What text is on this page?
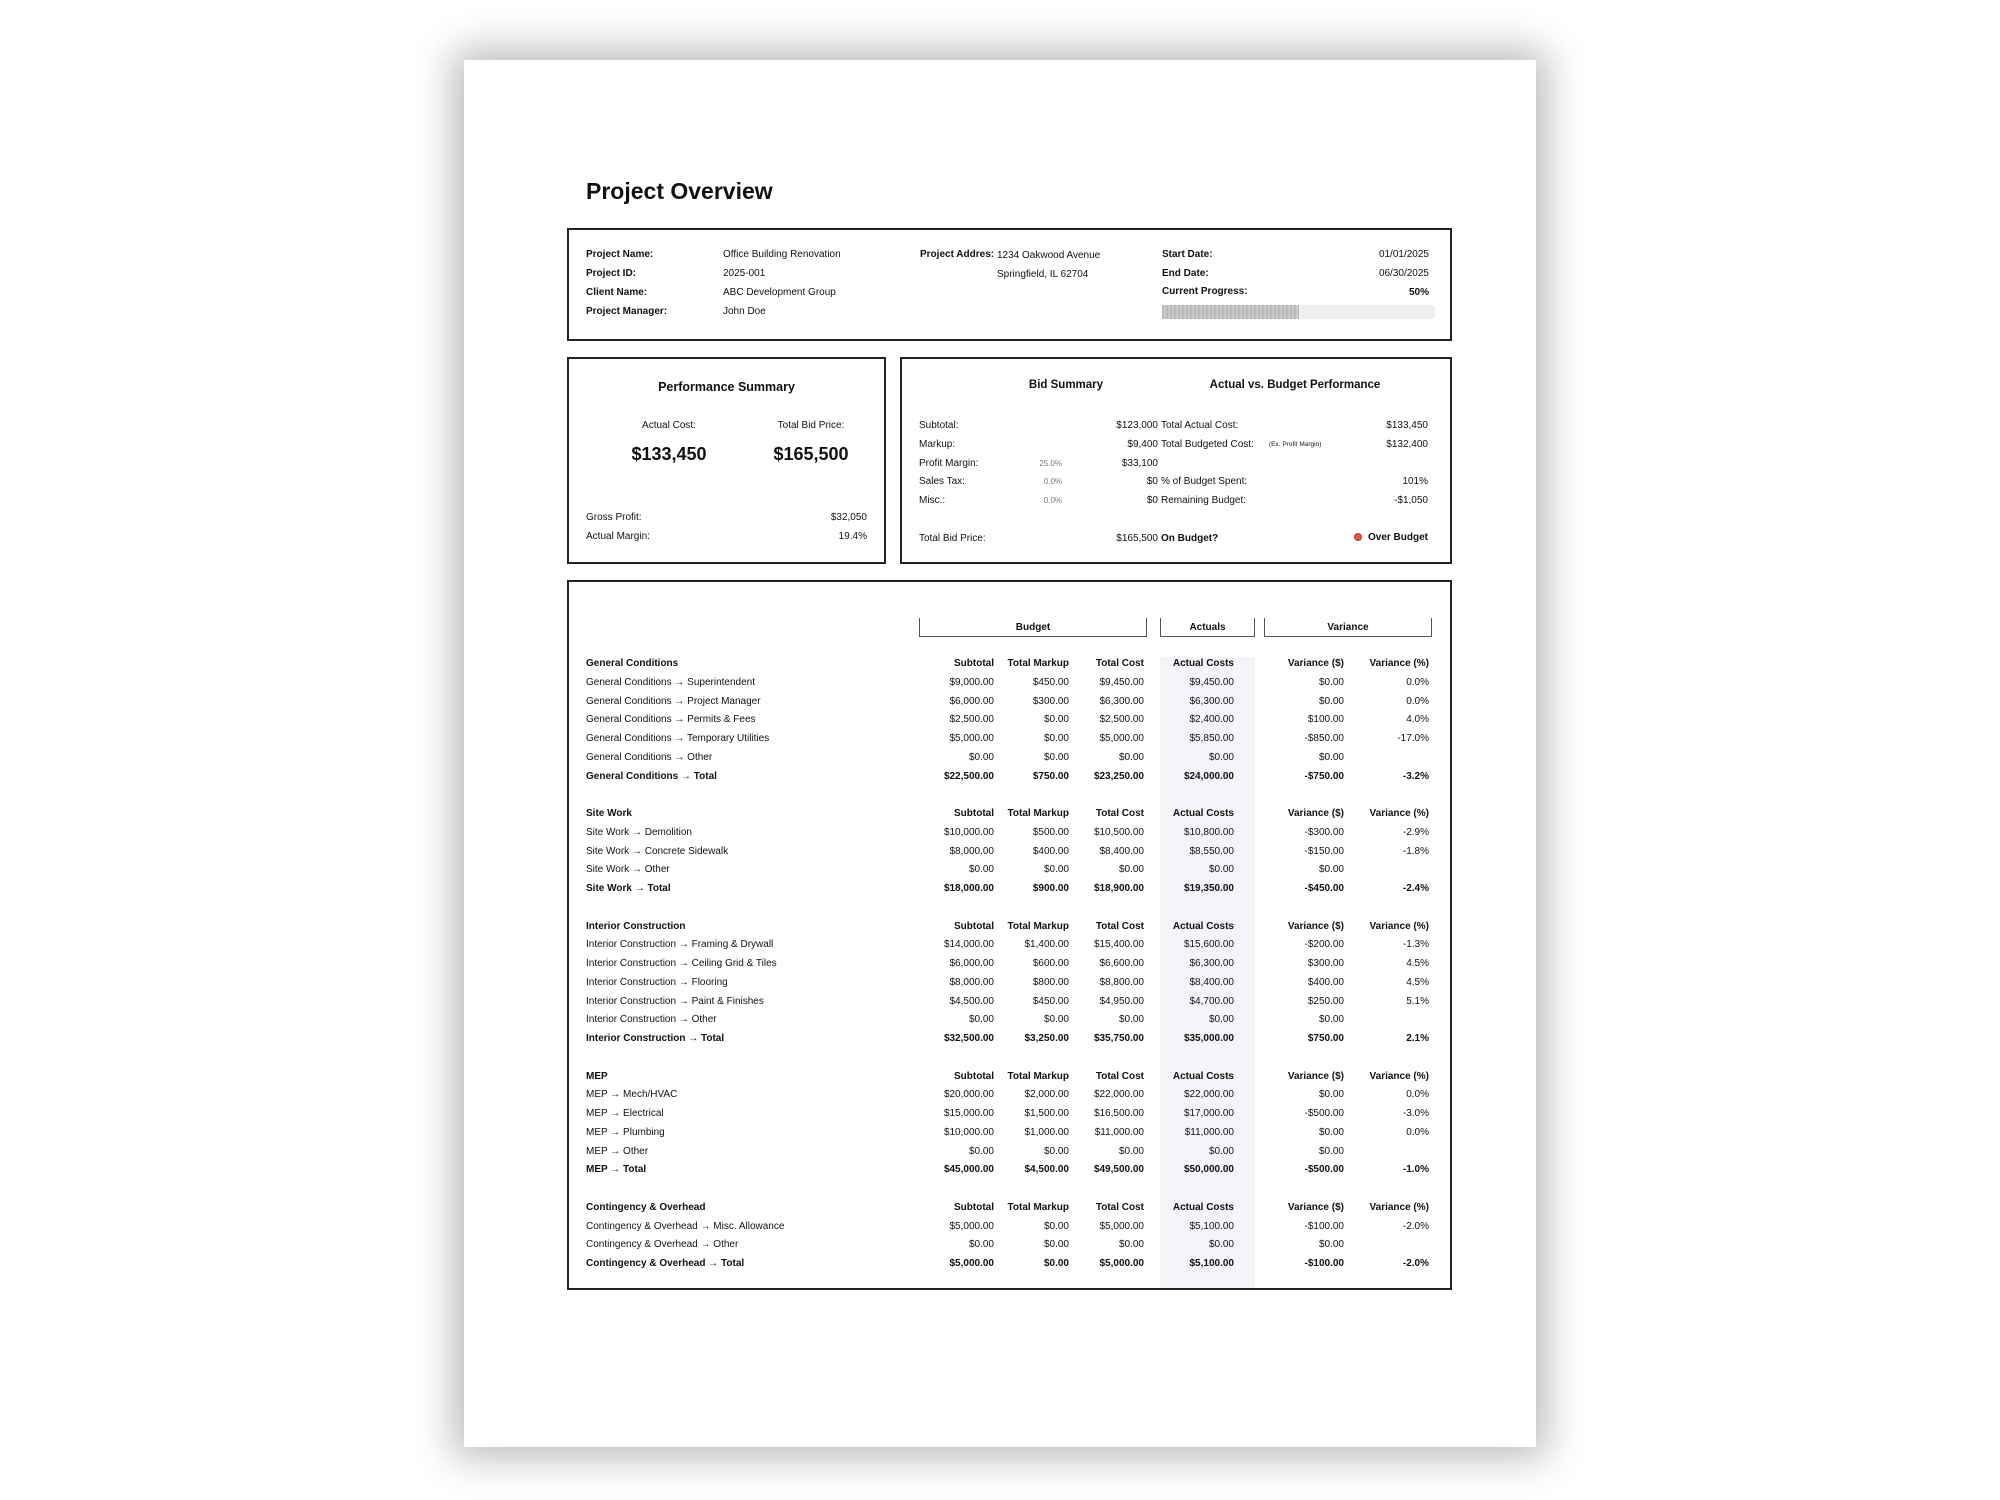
Project Overview
Project Name:	Office Building Renovation
Project ID:	2025-001
Client Name:	ABC Development Group
Project Manager:	John Doe
Project Addres: 1234 Oakwood Avenue
Springfield, IL 62704
Start Date:	01/01/2025
End Date:	06/30/2025
Current Progress:	50%
Performance Summary
Actual Cost:	Total Bid Price:
$133,450	$165,500
Gross Profit:	$32,050
Actual Margin:	19.4%
Bid Summary
Subtotal:	$123,000
Markup:	$9,400
Profit Margin:	25.0%	$33,100
Sales Tax:	0.0%	$0
Misc.:	0.0%	$0
Total Bid Price:	$165,500
Actual vs. Budget Performance
Total Actual Cost:	$133,450
Total Budgeted Cost: (Ex. Profit Margin)	$132,400
% of Budget Spent:	101%
Remaining Budget:	-$1,050
On Budget?	Over Budget
Budget	Actuals	Variance
General Conditions	Subtotal	Total Markup	Total Cost	Actual Costs	Variance ($)	Variance (%)
General Conditions → Superintendent	$9,000.00	$450.00	$9,450.00	$9,450.00	$0.00	0.0%
General Conditions → Project Manager	$6,000.00	$300.00	$6,300.00	$6,300.00	$0.00	0.0%
General Conditions → Permits & Fees	$2,500.00	$0.00	$2,500.00	$2,400.00	$100.00	4.0%
General Conditions → Temporary Utilities	$5,000.00	$0.00	$5,000.00	$5,850.00	-$850.00	-17.0%
General Conditions → Other	$0.00	$0.00	$0.00	$0.00	$0.00
General Conditions → Total	$22,500.00	$750.00	$23,250.00	$24,000.00	-$750.00	-3.2%
Site Work	Subtotal	Total Markup	Total Cost	Actual Costs	Variance ($)	Variance (%)
Site Work → Demolition	$10,000.00	$500.00	$10,500.00	$10,800.00	-$300.00	-2.9%
Site Work → Concrete Sidewalk	$8,000.00	$400.00	$8,400.00	$8,550.00	-$150.00	-1.8%
Site Work → Other	$0.00	$0.00	$0.00	$0.00	$0.00
Site Work → Total	$18,000.00	$900.00	$18,900.00	$19,350.00	-$450.00	-2.4%
Interior Construction	Subtotal	Total Markup	Total Cost	Actual Costs	Variance ($)	Variance (%)
Interior Construction → Framing & Drywall	$14,000.00	$1,400.00	$15,400.00	$15,600.00	-$200.00	-1.3%
Interior Construction → Ceiling Grid & Tiles	$6,000.00	$600.00	$6,600.00	$6,300.00	$300.00	4.5%
Interior Construction → Flooring	$8,000.00	$800.00	$8,800.00	$8,400.00	$400.00	4.5%
Interior Construction → Paint & Finishes	$4,500.00	$450.00	$4,950.00	$4,700.00	$250.00	5.1%
Interior Construction → Other	$0.00	$0.00	$0.00	$0.00	$0.00
Interior Construction → Total	$32,500.00	$3,250.00	$35,750.00	$35,000.00	$750.00	2.1%
MEP	Subtotal	Total Markup	Total Cost	Actual Costs	Variance ($)	Variance (%)
MEP → Mech/HVAC	$20,000.00	$2,000.00	$22,000.00	$22,000.00	$0.00	0.0%
MEP → Electrical	$15,000.00	$1,500.00	$16,500.00	$17,000.00	-$500.00	-3.0%
MEP → Plumbing	$10,000.00	$1,000.00	$11,000.00	$11,000.00	$0.00	0.0%
MEP → Other	$0.00	$0.00	$0.00	$0.00	$0.00
MEP → Total	$45,000.00	$4,500.00	$49,500.00	$50,000.00	-$500.00	-1.0%
Contingency & Overhead	Subtotal	Total Markup	Total Cost	Actual Costs	Variance ($)	Variance (%)
Contingency & Overhead → Misc. Allowance	$5,000.00	$0.00	$5,000.00	$5,100.00	-$100.00	-2.0%
Contingency & Overhead → Other	$0.00	$0.00	$0.00	$0.00	$0.00
Contingency & Overhead → Total	$5,000.00	$0.00	$5,000.00	$5,100.00	-$100.00	-2.0%
